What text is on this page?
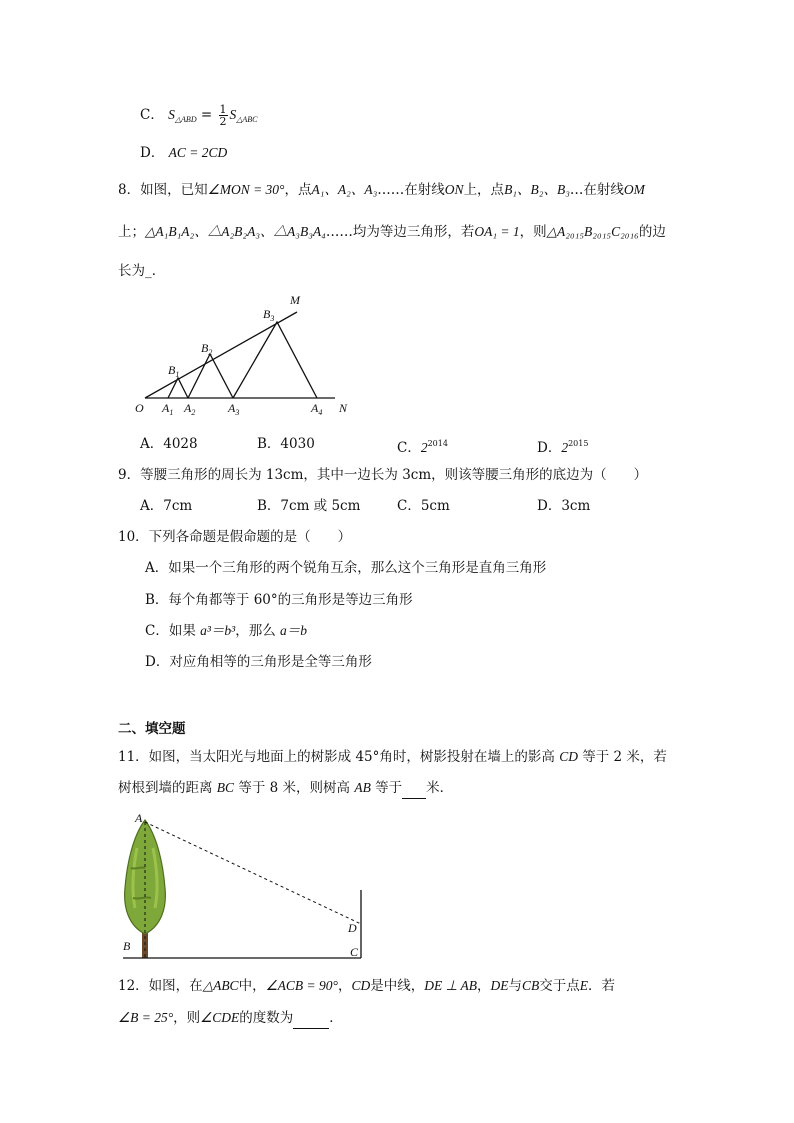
C． $S_{\triangle ABD} = \frac{1}{2} S_{\triangle ABC}$
D． AC = 2CD
8．如图，已知∠MON = 30°，点A₁、A₂、A₃……在射线ON上，点B₁、B₂、B₃…在射线OM
上；△A₁B₁A₂、△A₂B₂A₃、△A₃B₃A₄……均为等边三角形，若OA₁ = 1，则△A₂₀₁₅B₂₀₁₅C₂₀₁₆的边
长为_．
O $A_1$ $A_2$	$A_3$	$A_4$ N
$B_1$
$B_2$
$B_3$
M
A．4028	B．4030	C．$2^{2014}$	D．$2^{2015}$
9．等腰三角形的周长为 13cm，其中一边长为 3cm，则该等腰三角形的底边为（　　）
A．7cm	B．7cm 或 5cm	C．5cm	D．3cm
10．下列各命题是假命题的是（　　）
A．如果一个三角形的两个锐角互余，那么这个三角形是直角三角形
B．每个角都等于 60°的三角形是等边三角形
C．如果 a³＝b³，那么 a＝b
D．对应角相等的三角形是全等三角形
二、填空题
11．如图，当太阳光与地面上的树影成 45°角时，树影投射在墙上的影高 CD 等于 2 米，若
树根到墙的距离 BC 等于 8 米，则树高 AB 等于 米．
A
B	C
D
12．如图，在△ABC中，∠ACB = 90°，CD是中线，DE ⊥ AB，DE与CB交于点E．若
∠B = 25°，则∠CDE的度数为	．
